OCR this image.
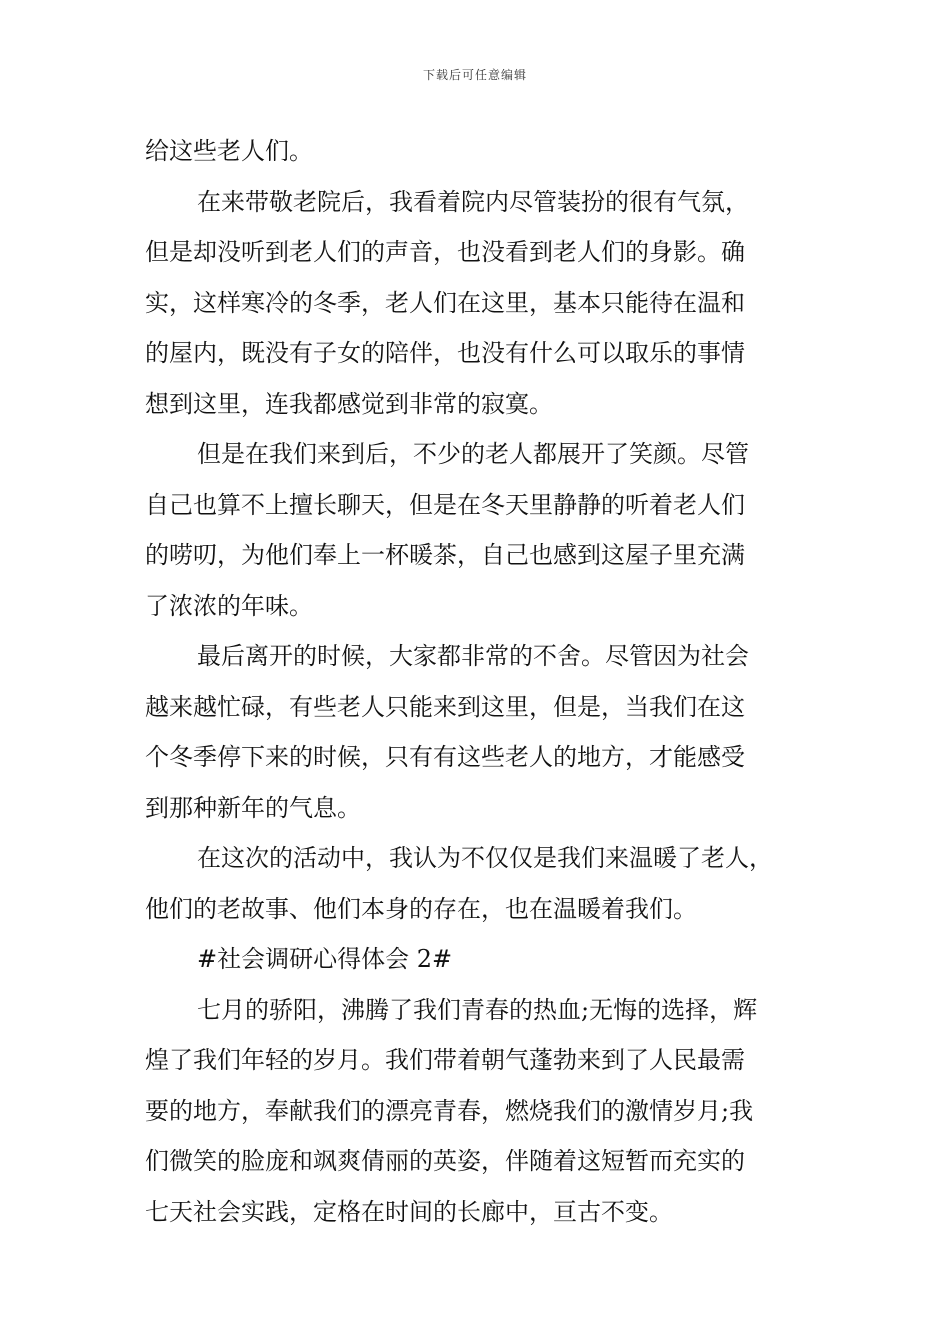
下载后可任意编辑
给这些老人们。
在来带敬老院后，我看着院内尽管装扮的很有气氛，
但是却没听到老人们的声音，也没看到老人们的身影。确
实，这样寒冷的冬季，老人们在这里，基本只能待在温和
的屋内，既没有子女的陪伴，也没有什么可以取乐的事情
想到这里，连我都感觉到非常的寂寞。
但是在我们来到后，不少的老人都展开了笑颜。尽管
自己也算不上擅长聊天，但是在冬天里静静的听着老人们
的唠叨，为他们奉上一杯暖茶，自己也感到这屋子里充满
了浓浓的年味。
最后离开的时候，大家都非常的不舍。尽管因为社会
越来越忙碌，有些老人只能来到这里，但是，当我们在这
个冬季停下来的时候，只有有这些老人的地方，才能感受
到那种新年的气息。
在这次的活动中，我认为不仅仅是我们来温暖了老人，
他们的老故事、他们本身的存在，也在温暖着我们。
#社会调研心得体会 2#
七月的骄阳，沸腾了我们青春的热血;无悔的选择，辉
煌了我们年轻的岁月。我们带着朝气蓬勃来到了人民最需
要的地方，奉献我们的漂亮青春，燃烧我们的激情岁月;我
们微笑的脸庞和飒爽倩丽的英姿，伴随着这短暂而充实的
七天社会实践，定格在时间的长廊中，亘古不变。
